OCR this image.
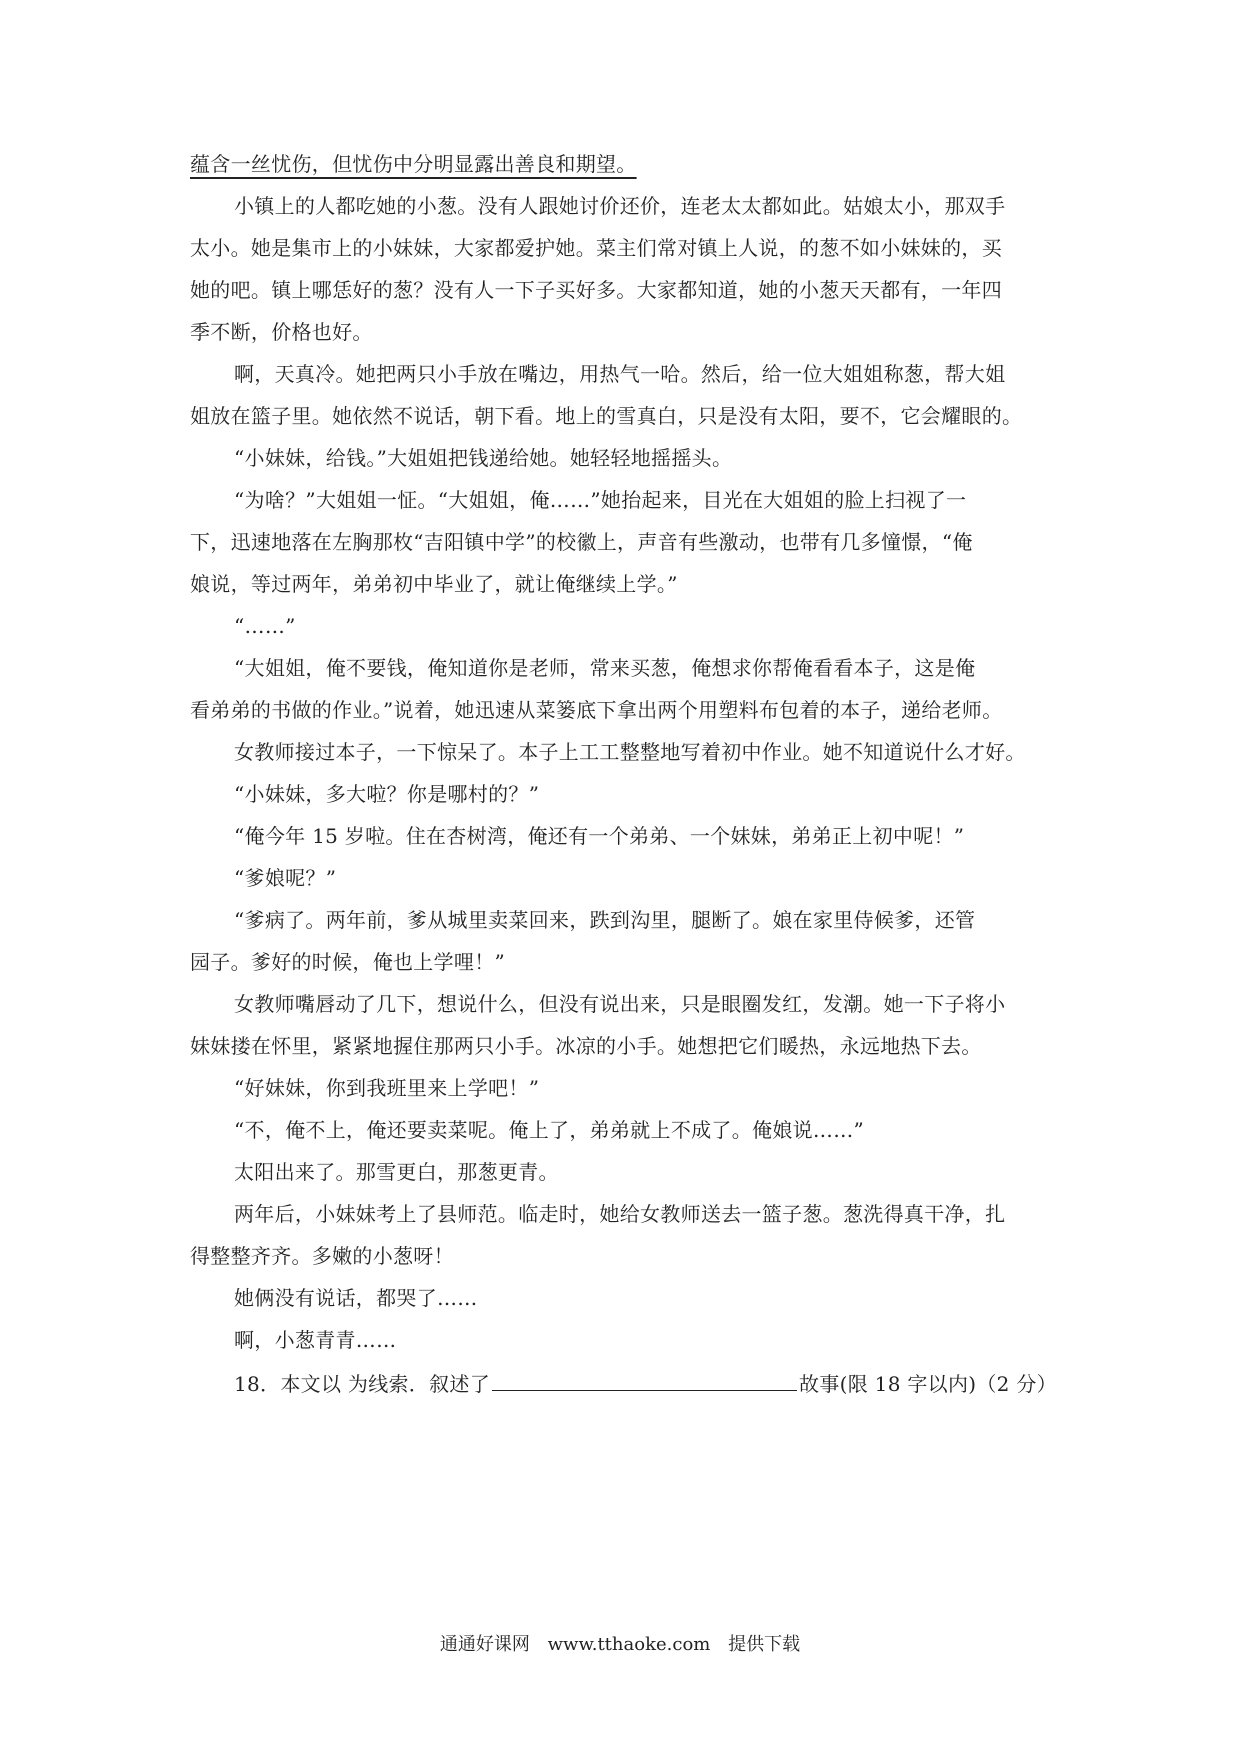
蕴含一丝忧伤，但忧伤中分明显露出善良和期望。
小镇上的人都吃她的小葱。没有人跟她讨价还价，连老太太都如此。姑娘太小，那双手
太小。她是集市上的小妹妹，大家都爱护她。菜主们常对镇上人说，的葱不如小妹妹的，买
她的吧。镇上哪恁好的葱？没有人一下子买好多。大家都知道，她的小葱天天都有，一年四
季不断，价格也好。
啊，天真冷。她把两只小手放在嘴边，用热气一哈。然后，给一位大姐姐称葱，帮大姐
姐放在篮子里。她依然不说话，朝下看。地上的雪真白，只是没有太阳，要不，它会耀眼的。
“小妹妹，给钱。”大姐姐把钱递给她。她轻轻地摇摇头。
“为啥？”大姐姐一怔。“大姐姐，俺……”她抬起来，目光在大姐姐的脸上扫视了一
下，迅速地落在左胸那枚“吉阳镇中学”的校徽上，声音有些激动，也带有几多憧憬，“俺
娘说，等过两年，弟弟初中毕业了，就让俺继续上学。”
“……”
“大姐姐，俺不要钱，俺知道你是老师，常来买葱，俺想求你帮俺看看本子，这是俺
看弟弟的书做的作业。”说着，她迅速从菜篓底下拿出两个用塑料布包着的本子，递给老师。
女教师接过本子，一下惊呆了。本子上工工整整地写着初中作业。她不知道说什么才好。
“小妹妹，多大啦？你是哪村的？”
“俺今年 15 岁啦。住在杏树湾，俺还有一个弟弟、一个妹妹，弟弟正上初中呢！”
“爹娘呢？”
“爹病了。两年前，爹从城里卖菜回来，跌到沟里，腿断了。娘在家里侍候爹，还管
园子。爹好的时候，俺也上学哩！”
女教师嘴唇动了几下，想说什么，但没有说出来，只是眼圈发红，发潮。她一下子将小
妹妹搂在怀里，紧紧地握住那两只小手。冰凉的小手。她想把它们暖热，永远地热下去。
“好妹妹，你到我班里来上学吧！”
“不，俺不上，俺还要卖菜呢。俺上了，弟弟就上不成了。俺娘说……”
太阳出来了。那雪更白，那葱更青。
两年后，小妹妹考上了县师范。临走时，她给女教师送去一篮子葱。葱洗得真干净，扎
得整整齐齐。多嫩的小葱呀！
她俩没有说话，都哭了……
啊，小葱青青……
18．本文以 为线索．叙述了	故事(限 18 字以内)（2 分）
通通好课网 www.tthaoke.com 提供下载
